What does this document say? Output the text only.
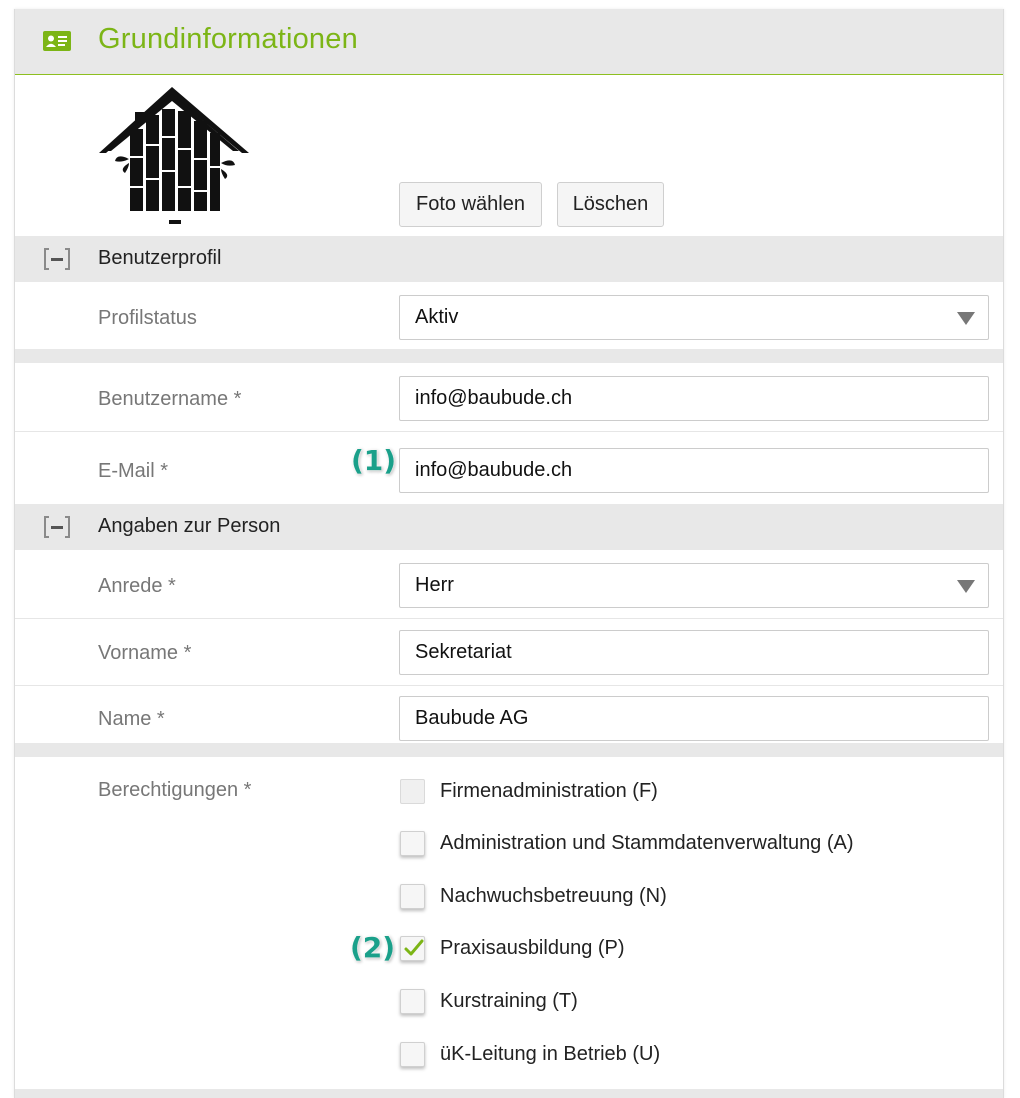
Grundinformationen
Foto wählen	Löschen
Benutzerprofil
Profilstatus	Aktiv
Benutzername *	info@baubude.ch
E-Mail *	(1) info@baubude.ch
Angaben zur Person
Anrede *	Herr
Vorname *	Sekretariat
Name *	Baubude AG
Berechtigungen *	Firmenadministration (F)
Administration und Stammdatenverwaltung (A)
Nachwuchsbetreuung (N)
(2) Praxisausbildung (P)
Kurstraining (T)
üK-Leitung in Betrieb (U)
